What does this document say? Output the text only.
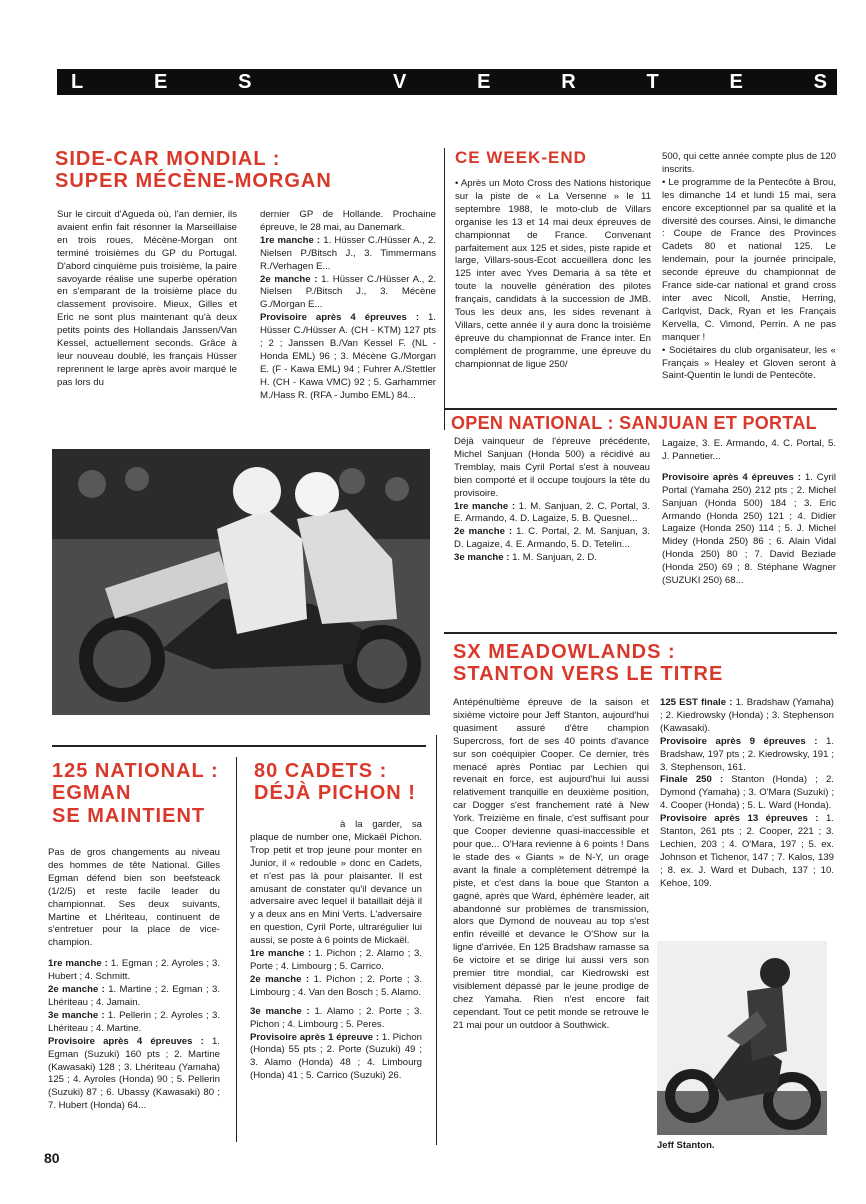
L	E	S	V	E	R	T	E	S
SIDE-CAR MONDIAL :
SUPER MÉCÈNE-MORGAN

Sur le circuit d'Agueda où, l'an dernier, ils avaient enfin fait résonner la Marseillaise en trois roues, Mécène-Morgan ont terminé troisièmes du GP du Portugal. D'abord cinquième puis troisième, la paire savoyarde réalise une superbe opération en s'emparant de la troisième place du classement provisoire. Mieux, Gilles et Eric ne sont plus maintenant qu'à deux petits points des Hollandais Janssen/Van Kessel, actuellement seconds. Grâce à leur nouveau doublé, les français Hüsser reprennent le large après avoir marqué le pas lors du

dernier GP de Hollande. Prochaine épreuve, le 28 mai, au Danemark.

1re manche : 1. Hüsser C./Hüsser A., 2. Nielsen P./Bitsch J., 3. Timmermans R./Verhagen E...

2e manche : 1. Hüsser C./Hüsser A., 2. Nielsen P./Bitsch J., 3. Mécène G./Morgan E...

Provisoire après 4 épreuves : 1. Hüsser C./Hüsser A. (CH - KTM) 127 pts ; 2 ; Janssen B./Van Kessel F. (NL - Honda EML) 96 ; 3. Mécène G./Morgan E. (F - Kawa EML) 94 ; Fuhrer A./Stettler H. (CH - Kawa VMC) 92 ; 5. Garhammer M./Hass R. (RFA - Jumbo EML) 84...

CE WEEK-END

• Après un Moto Cross des Nations historique sur la piste de « La Versenne » le 11 septembre 1988, le moto-club de Villars organise les 13 et 14 mai deux épreuves de championnat de France. Convenant parfaitement aux 125 et sides, piste rapide et large, Villars-sous-Ecot accueillera donc les 125 inter avec Yves Demaria à sa tête et toute la nouvelle génération des pilotes français, candidats à la succession de JMB. Tous les deux ans, les sides revenant à Villars, cette année il y aura donc la troisième épreuve du championnat de France inter. En complément de programme, une épreuve du championnat de ligue 250/

500, qui cette année compte plus de 120 inscrits.

• Le programme de la Pentecôte à Brou, les dimanche 14 et lundi 15 mai, sera encore exceptionnel par sa qualité et la diversité des courses. Ainsi, le dimanche : Coupe de France des Provinces Cadets 80 et national 125. Le lendemain, pour la journée principale, seconde épreuve du championnat de France side-car national et grand cross inter avec Nicoll, Anstie, Herring, Carlqvist, Dack, Ryan et les Français Kervella, C. Vimond, Perrin. A ne pas manquer !

• Sociétaires du club organisateur, les « Français » Healey et Gloven seront à Saint-Quentin le lundi de Pentecôte.

OPEN NATIONAL : SANJUAN ET PORTAL

Déjà vainqueur de l'épreuve précédente, Michel Sanjuan (Honda 500) a récidivé au Tremblay, mais Cyril Portal s'est à nouveau bien comporté et il occupe toujours la tête du provisoire.

1re manche : 1. M. Sanjuan, 2. C. Portal, 3. E. Armando, 4. D. Lagaize, 5. B. Quesnel...

2e manche : 1. C. Portal, 2. M. Sanjuan, 3. D. Lagaize, 4. E. Armando, 5. D. Tetelin...

3e manche : 1. M. Sanjuan, 2. D.

Lagaize, 3. E. Armando, 4. C. Portal, 5. J. Pannetier...

Provisoire après 4 épreuves : 1. Cyril Portal (Yamaha 250) 212 pts ; 2. Michel Sanjuan (Honda 500) 184 ; 3. Eric Armando (Honda 250) 121 ; 4. Didier Lagaize (Honda 250) 114 ; 5. J. Michel Midey (Honda 250) 86 ; 6. Alain Vidal (Honda 250) 80 ; 7. David Beziade (Honda 250) 69 ; 8. Stéphane Wagner (SUZUKI 250) 68...

SX MEADOWLANDS :
STANTON VERS LE TITRE

Antépénultième épreuve de la saison et sixième victoire pour Jeff Stanton, aujourd'hui quasiment assuré d'être champion Supercross, fort de ses 40 points d'avance sur son coéquipier Cooper. Ce dernier, très menacé après Pontiac par Lechien qui revenait en force, est aujourd'hui lui aussi relativement tranquille en deuxième position, car Dogger s'est franchement raté à New York. Treizième en finale, c'est suffisant pour que Cooper devienne quasi-inaccessible et pour que... O'Hara revienne à 6 points ! Dans le stade des « Giants » de N-Y, un orage avant la finale a complètement détrempé la piste, et c'est dans la boue que Stanton a gagné, après que Ward, éphémère leader, ait abandonné sur problèmes de transmission, alors que Dymond de nouveau au top s'est enfin réveillé et devance le O'Show sur la ligne d'arrivée. En 125 Bradshaw ramasse sa 6e victoire et se dirige lui aussi vers son premier titre mondial, car Kiedrowski est visiblement dépassé par le jeune prodige de chez Yamaha. Rien n'est encore fait cependant. Tout ce petit monde se retrouve le 21 mai pour un outdoor à Southwick.

125 EST finale : 1. Bradshaw (Yamaha) ; 2. Kiedrowsky (Honda) ; 3. Stephenson (Kawasaki).

Provisoire après 9 épreuves : 1. Bradshaw, 197 pts ; 2. Kiedrowsky, 191 ; 3. Stephenson, 161.

Finale 250 : Stanton (Honda) ; 2. Dymond (Yamaha) ; 3. O'Mara (Suzuki) ; 4. Cooper (Honda) ; 5. L. Ward (Honda).

Provisoire après 13 épreuves : 1. Stanton, 261 pts ; 2. Cooper, 221 ; 3. Lechien, 203 ; 4. O'Mara, 197 ; 5. ex. Johnson et Tichenor, 147 ; 7. Kalos, 139 ; 8. ex. J. Ward et Dubach, 137 ; 10. Kehoe, 109.

Jeff Stanton.
125 NATIONAL :
EGMAN
SE MAINTIENT

Pas de gros changements au niveau des hommes de tête National. Gilles Egman défend bien son beefsteack (1/2/5) et reste facile leader du championnat. Ses deux suivants, Martine et Lhériteau, continuent de s'entretuer pour la place de vice-champion.

1re manche : 1. Egman ; 2. Ayroles ; 3. Hubert ; 4. Schmitt.

2e manche : 1. Martine ; 2. Egman ; 3. Lhériteau ; 4. Jamain.

3e manche : 1. Pellerin ; 2. Ayroles ; 3. Lhériteau ; 4. Martine.

Provisoire après 4 épreuves : 1. Egman (Suzuki) 160 pts ; 2. Martine (Kawasaki) 128 ; 3. Lhériteau (Yamaha) 125 ; 4. Ayroles (Honda) 90 ; 5. Pellerin (Suzuki) 87 ; 6. Ubassy (Kawasaki) 80 ; 7. Hubert (Honda) 64...

80 CADETS :
DÉJÀ PICHON !

à la garder, sa plaque de number one, Mickaël Pichon. Trop petit et trop jeune pour monter en Junior, il « redouble » donc en Cadets, et n'est pas là pour plaisanter. Il est amusant de constater qu'il devance un adversaire avec lequel il bataillait déjà il y a deux ans en Mini Verts. L'adversaire en question, Cyril Porte, ultrarégulier lui aussi, se poste à 6 points de Mickaël.

1re manche : 1. Pichon ; 2. Alamo ; 3. Porte ; 4. Limbourg ; 5. Carrico.

2e manche : 1. Pichon ; 2. Porte ; 3. Limbourg ; 4. Van den Bosch ; 5. Alamo.

3e manche : 1. Alamo ; 2. Porte ; 3. Pichon ; 4. Limbourg ; 5. Peres.

Provisoire après 1 épreuve : 1. Pichon (Honda) 55 pts ; 2. Porte (Suzuki) 49 ; 3. Alamo (Honda) 48 ; 4. Limbourg (Honda) 41 ; 5. Carrico (Suzuki) 26.

80
